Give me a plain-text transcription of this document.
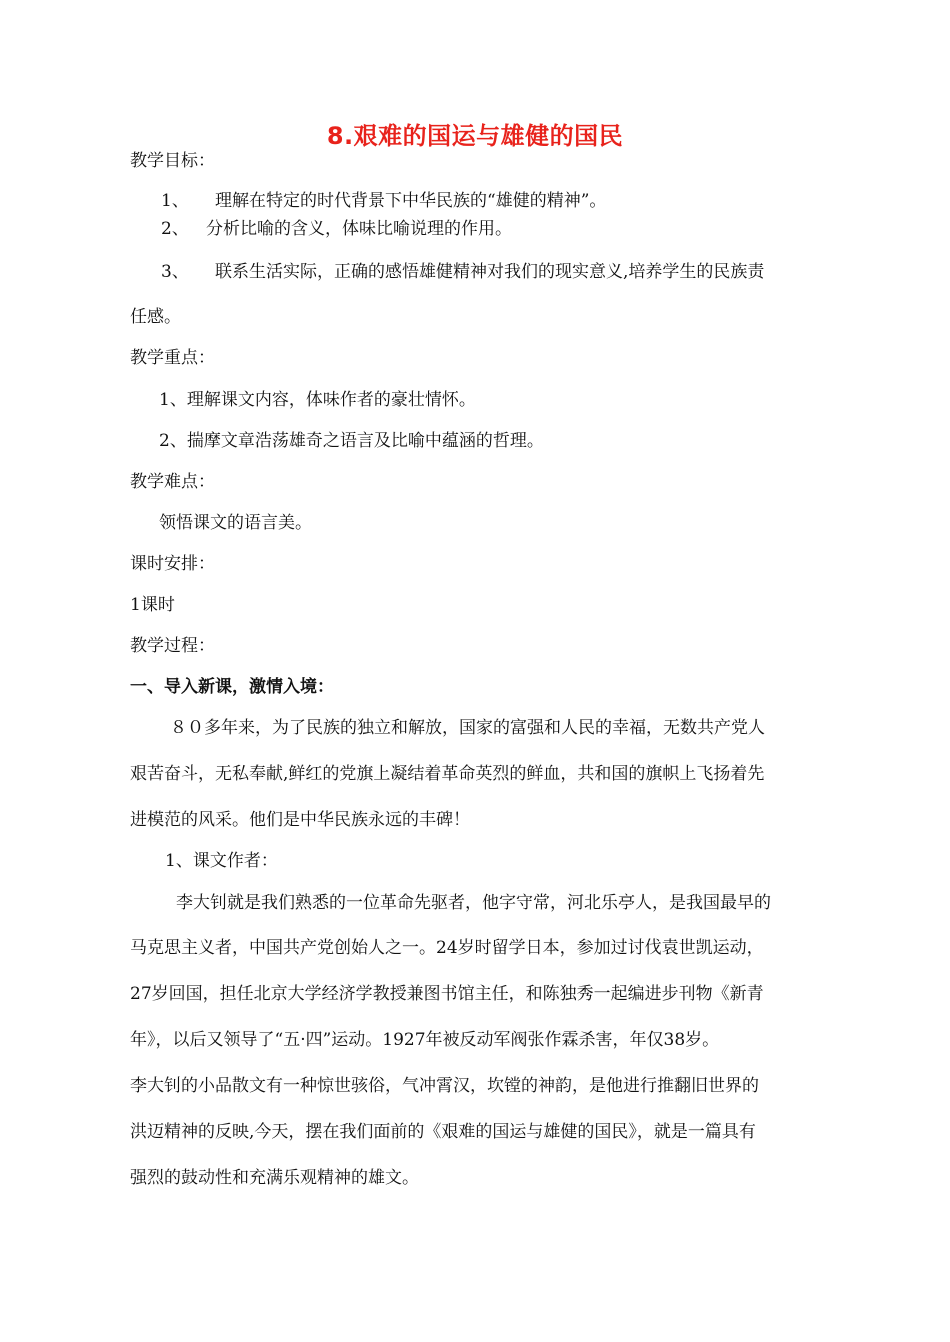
8.艰难的国运与雄健的国民
教学目标：
1、 理解在特定的时代背景下中华民族的“雄健的精神”。
2、 分析比喻的含义，体味比喻说理的作用。
3、 联系生活实际，正确的感悟雄健精神对我们的现实意义,培养学生的民族责
任感。
教学重点：
1、理解课文内容，体味作者的豪壮情怀。
2、揣摩文章浩荡雄奇之语言及比喻中蕴涵的哲理。
教学难点：
领悟课文的语言美。
课时安排：
1课时
教学过程：
一、导入新课，激情入境：
８０多年来，为了民族的独立和解放，国家的富强和人民的幸福，无数共产党人
艰苦奋斗，无私奉献,鲜红的党旗上凝结着革命英烈的鲜血，共和国的旗帜上飞扬着先
进模范的风采。他们是中华民族永远的丰碑！
1、课文作者：
李大钊就是我们熟悉的一位革命先驱者，他字守常，河北乐亭人，是我国最早的
马克思主义者，中国共产党创始人之一。24岁时留学日本，参加过讨伐袁世凯运动，
27岁回国，担任北京大学经济学教授兼图书馆主任，和陈独秀一起编进步刊物《新青
年》，以后又领导了“五·四”运动。1927年被反动军阀张作霖杀害，年仅38岁。
李大钊的小品散文有一种惊世骇俗，气冲霄汉，坎镗的神韵，是他进行推翻旧世界的
洪迈精神的反映,今天，摆在我们面前的《艰难的国运与雄健的国民》，就是一篇具有
强烈的鼓动性和充满乐观精神的雄文。
